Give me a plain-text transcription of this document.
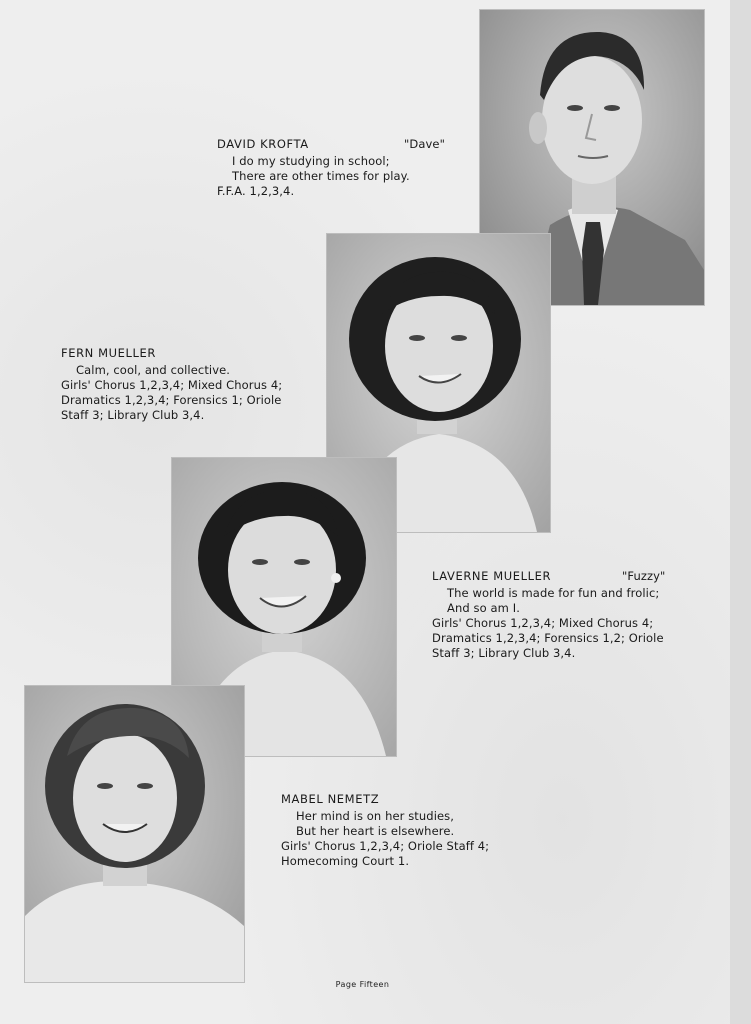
DAVID KROFTA	"Dave"
I do my studying in school;
There are other times for play.
F.F.A. 1,2,3,4.
FERN MUELLER
Calm, cool, and collective.
Girls' Chorus 1,2,3,4; Mixed Chorus 4;
Dramatics 1,2,3,4; Forensics 1; Oriole
Staff 3; Library Club 3,4.
LAVERNE MUELLER	"Fuzzy"
The world is made for fun and frolic;
And so am I.
Girls' Chorus 1,2,3,4; Mixed Chorus 4;
Dramatics 1,2,3,4; Forensics 1,2; Oriole
Staff 3; Library Club 3,4.
MABEL NEMETZ
Her mind is on her studies,
But her heart is elsewhere.
Girls' Chorus 1,2,3,4; Oriole Staff 4;
Homecoming Court 1.
Page Fifteen
